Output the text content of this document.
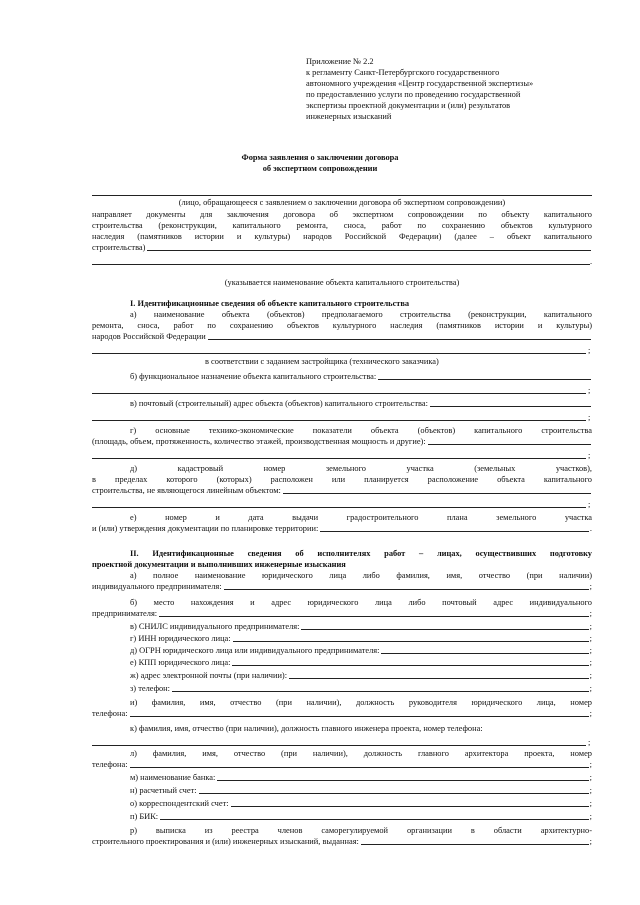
Приложение № 2.2
к регламенту Санкт-Петербургского государственного
автономного учреждения «Центр государственной экспертизы»
по предоставлению услуги по проведению государственной
экспертизы проектной документации и (или) результатов
инженерных изысканий
Форма заявления о заключении договора
об экспертном сопровождении
(лицо, обращающееся с заявлением о заключении договора об экспертном сопровождении)
направляет документы для заключения договора об экспертном сопровождении по объекту капитального
строительства (реконструкции, капитального ремонта, сноса, работ по сохранению объектов культурного
наследия (памятников истории и культуры) народов Российской Федерации) (далее – объект капитального
строительства)
.
(указывается наименование объекта капитального строительства)
I. Идентификационные сведения об объекте капитального строительства
а) наименование объекта (объектов) предполагаемого строительства (реконструкции, капитального
ремонта, сноса, работ по сохранению объектов культурного наследия (памятников истории и культуры)
народов Российской Федерации
;
в соответствии с заданием застройщика (технического заказчика)
б) функциональное назначение объекта капитального строительства:
;
в) почтовый (строительный) адрес объекта (объектов) капитального строительства:
;
г) основные технико-экономические показатели объекта (объектов) капитального строительства
(площадь, объем, протяженность, количество этажей, производственная мощность и другие):
;
д) кадастровый номер земельного участка (земельных участков),
в пределах которого (которых) расположен или планируется расположение объекта капитального
строительства, не являющегося линейным объектом:
;
е) номер и дата выдачи градостроительного плана земельного участка
и (или) утверждения документации по планировке территории:	.
II. Идентификационные сведения об исполнителях работ – лицах, осуществивших подготовку
проектной документации и выполнивших инженерные изыскания
а) полное наименование юридического лица либо фамилия, имя, отчество (при наличии)
индивидуального предпринимателя:	;
б) место нахождения и адрес юридического лица либо почтовый адрес индивидуального
предпринимателя:	;
в) СНИЛС индивидуального предпринимателя:	;
г) ИНН юридического лица:	;
д) ОГРН юридического лица или индивидуального предпринимателя:	;
е) КПП юридического лица:	;
ж) адрес электронной почты (при наличии):	;
з) телефон:	;
и) фамилия, имя, отчество (при наличии), должность руководителя юридического лица, номер
телефона:	;
к) фамилия, имя, отчество (при наличии), должность главного инженера проекта, номер телефона:
;
л) фамилия, имя, отчество (при наличии), должность главного архитектора проекта, номер
телефона:	;
м) наименование банка:	;
н) расчетный счет:	;
о) корреспондентский счет:	;
п) БИК:	;
р) выписка из реестра членов саморегулируемой организации в области архитектурно-
строительного проектирования и (или) инженерных изысканий, выданная:	;
